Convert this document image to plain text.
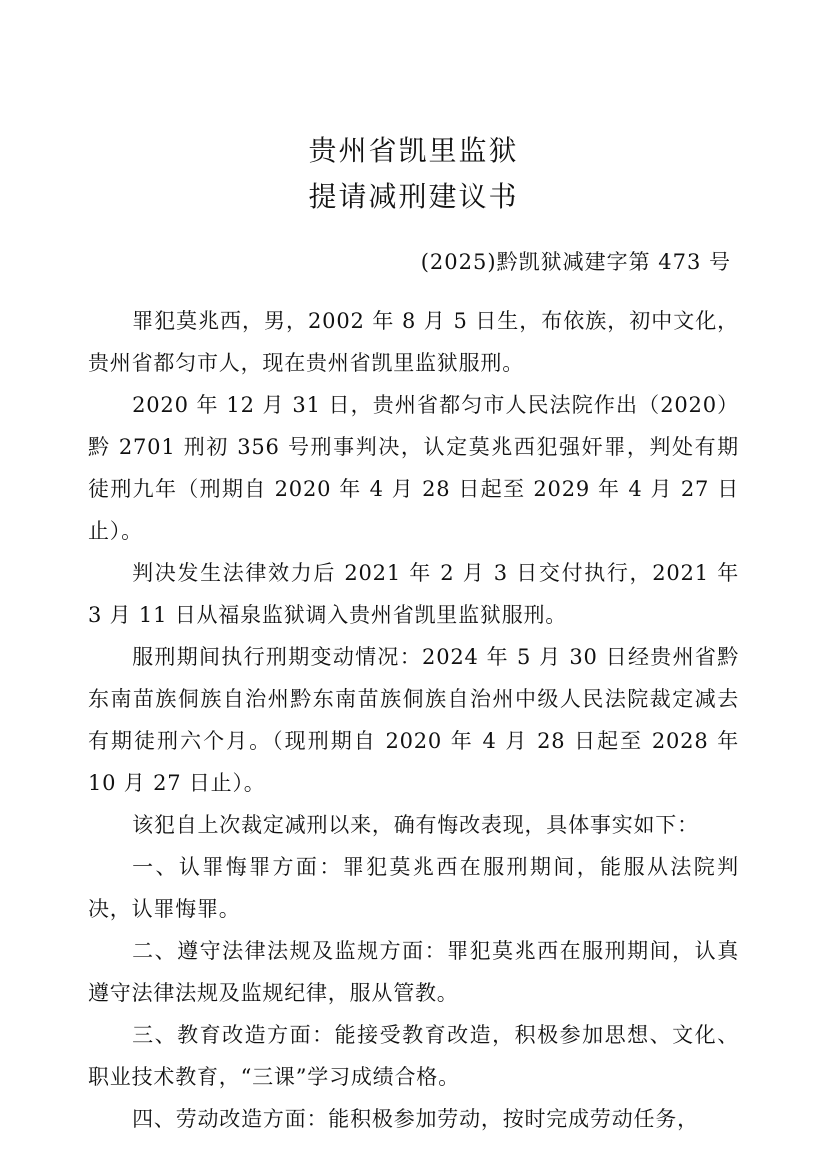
贵州省凯里监狱
提请减刑建议书
(2025)黔凯狱减建字第 473 号

罪犯莫兆西，男，2002 年 8 月 5 日生，布依族，初中文化，贵州省都匀市人，现在贵州省凯里监狱服刑。

2020 年 12 月 31 日，贵州省都匀市人民法院作出（2020）黔 2701 刑初 356 号刑事判决，认定莫兆西犯强奸罪，判处有期徒刑九年（刑期自 2020 年 4 月 28 日起至 2029 年 4 月 27 日止）。

判决发生法律效力后 2021 年 2 月 3 日交付执行，2021 年 3 月 11 日从福泉监狱调入贵州省凯里监狱服刑。

服刑期间执行刑期变动情况：2024 年 5 月 30 日经贵州省黔东南苗族侗族自治州黔东南苗族侗族自治州中级人民法院裁定减去有期徒刑六个月。（现刑期自 2020 年 4 月 28 日起至 2028 年 10 月 27 日止）。

该犯自上次裁定减刑以来，确有悔改表现，具体事实如下：

一、认罪悔罪方面：罪犯莫兆西在服刑期间，能服从法院判决，认罪悔罪。

二、遵守法律法规及监规方面：罪犯莫兆西在服刑期间，认真遵守法律法规及监规纪律，服从管教。

三、教育改造方面：能接受教育改造，积极参加思想、文化、职业技术教育，“三课”学习成绩合格。

四、劳动改造方面：能积极参加劳动，按时完成劳动任务，
